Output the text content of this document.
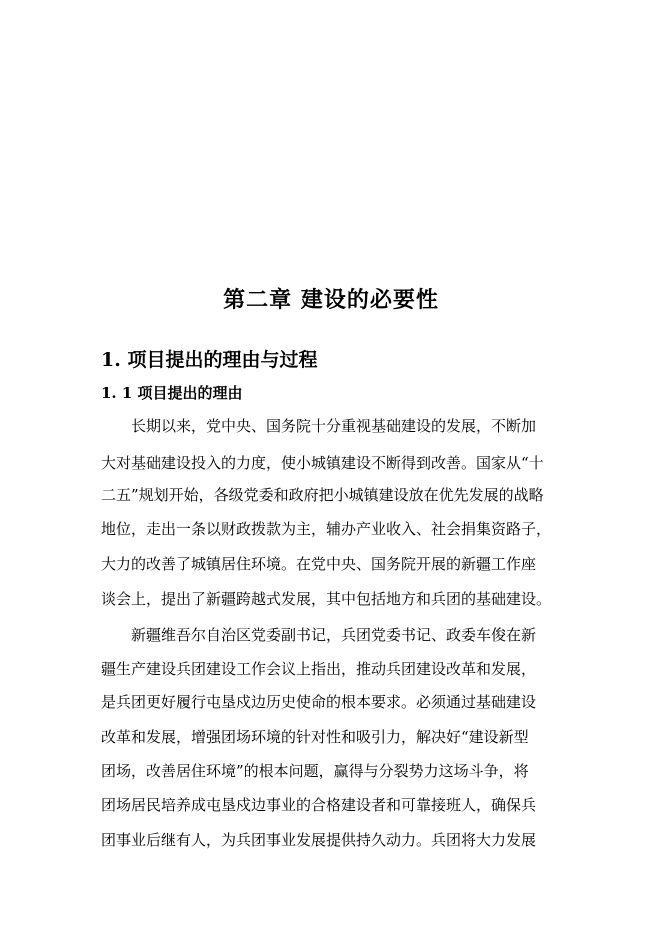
第二章 建设的必要性
1. 项目提出的理由与过程
1. 1 项目提出的理由
长期以来，党中央、国务院十分重视基础建设的发展，不断加
大对基础建设投入的力度，使小城镇建设不断得到改善。国家从“十
二五”规划开始，各级党委和政府把小城镇建设放在优先发展的战略
地位，走出一条以财政拨款为主，辅办产业收入、社会捐集资路子，
大力的改善了城镇居住环境。在党中央、国务院开展的新疆工作座
谈会上，提出了新疆跨越式发展，其中包括地方和兵团的基础建设。
新疆维吾尔自治区党委副书记，兵团党委书记、政委车俊在新
疆生产建设兵团建设工作会议上指出，推动兵团建设改革和发展，
是兵团更好履行屯垦戍边历史使命的根本要求。必须通过基础建设
改革和发展，增强团场环境的针对性和吸引力，解决好“建设新型
团场，改善居住环境”的根本问题，赢得与分裂势力这场斗争，将
团场居民培养成屯垦戍边事业的合格建设者和可靠接班人，确保兵
团事业后继有人，为兵团事业发展提供持久动力。兵团将大力发展
